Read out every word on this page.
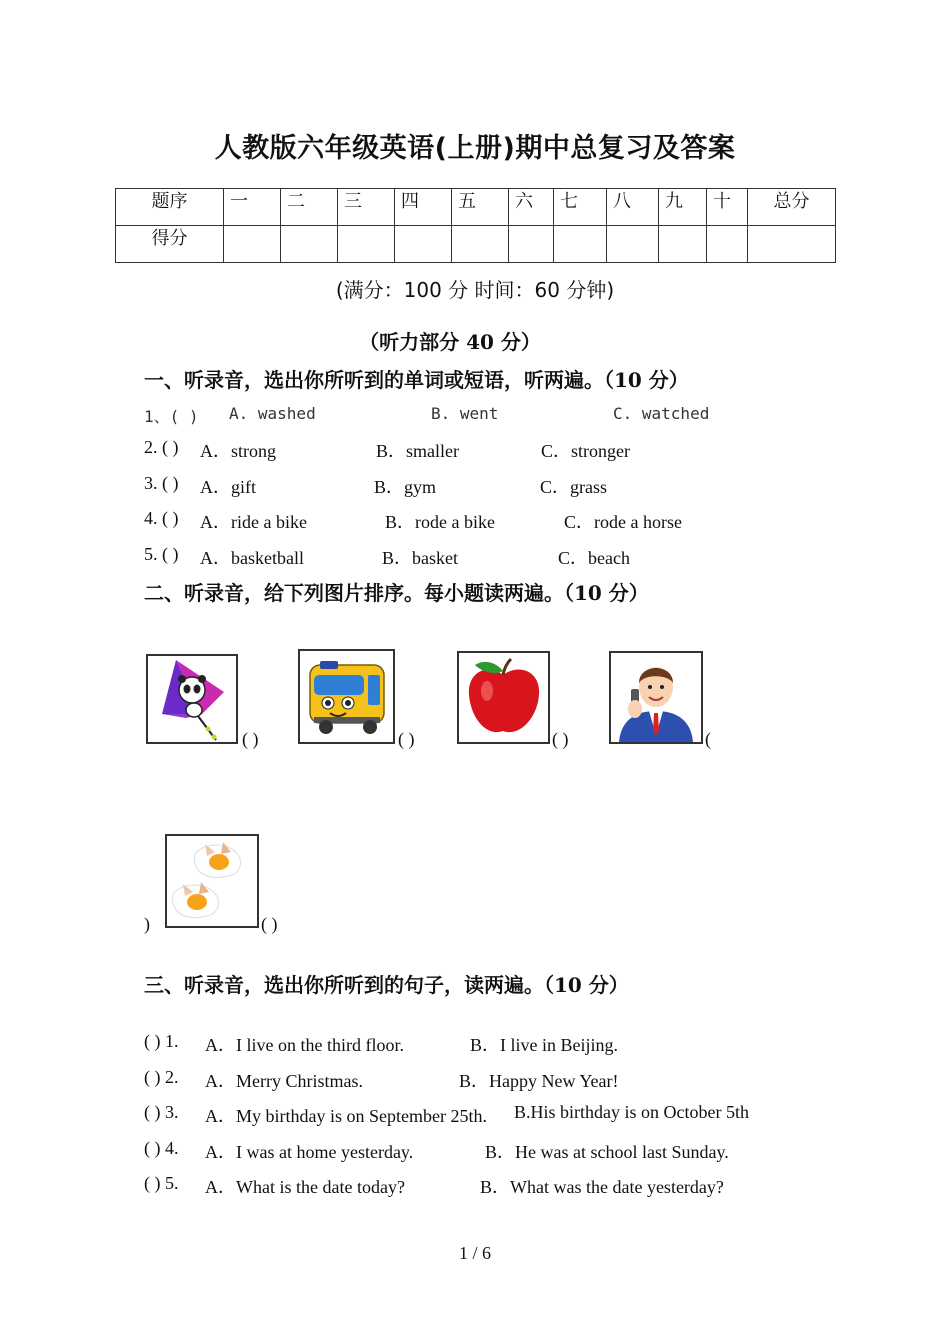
人教版六年级英语(上册)期中总复习及答案
题序	一	二	三	四	五	六	七	八	九	十	总分
得分											
(满分：100 分 时间：60 分钟)
（听力部分 40 分）
一、听录音，选出你所听到的单词或短语，听两遍。（10 分）
1、( ) A. washed	B. went	C. watched
2. ( ) A．strong	B．smaller	C．stronger
3. ( ) A．gift	B．gym	C．grass
4. ( ) A．ride a bike	B．rode a bike	C．rode a horse
5. ( ) A．basketball	B．basket	C．beach
二、听录音，给下列图片排序。每小题读两遍。（10 分）
( )	( )	( )	(
)	( )
三、听录音，选出你所听到的句子，读两遍。（10 分）
( ) 1. A．I live on the third floor.	B．I live in Beijing.
( ) 2. A．Merry Christmas.	B．Happy New Year!
( ) 3. A．My birthday is on September 25th. B.His birthday is on October 5th
( ) 4. A．I was at home yesterday.	B．He was at school last Sunday.
( ) 5. A．What is the date today?	B．What was the date yesterday?
1 / 6
